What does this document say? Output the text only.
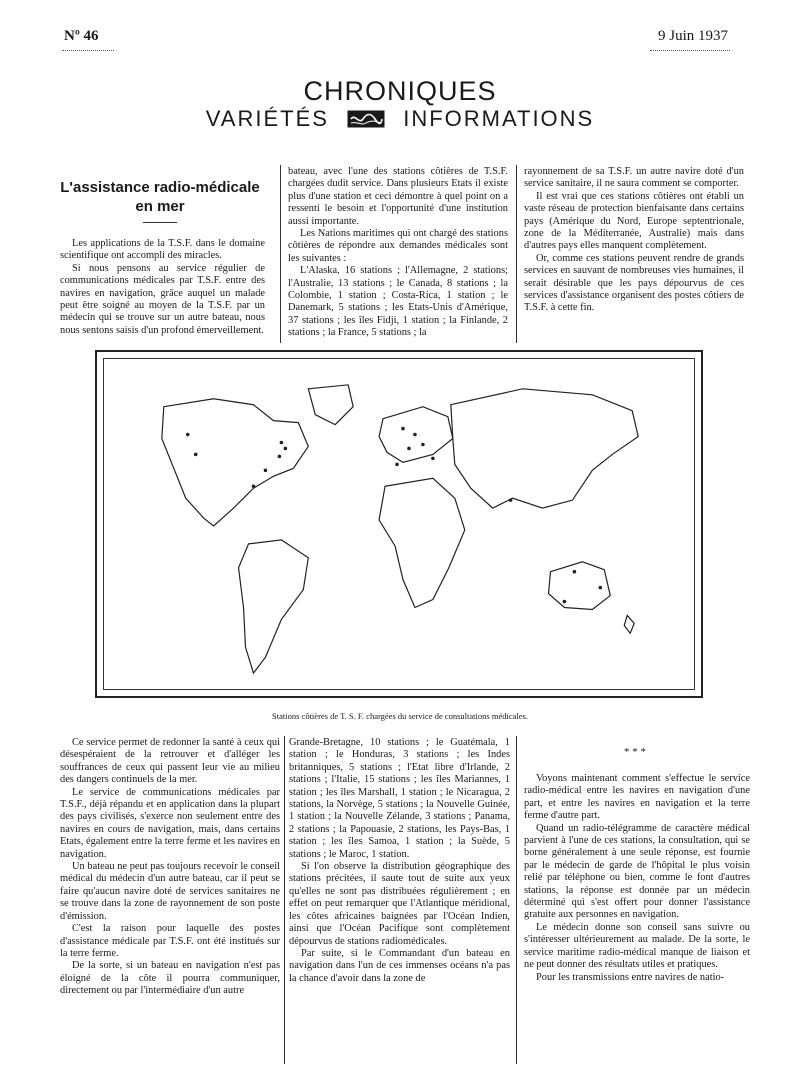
Nº 46	9 Juin 1937
CHRONIQUES
VARIÉTÉS	INFORMATIONS
L'assistance radio-médicale en mer

Les applications de la T.S.F. dans le domaine scientifique ont accompli des miracles.

Si nous pensons au service régulier de communications médicales par T.S.F. entre des navires en navigation, grâce auquel un malade peut être soigné au moyen de la T.S.F. par un médecin qui se trouve sur un autre bateau, nous nous sentons saisis d'un profond émerveillement.

bateau, avec l'une des stations côtières de T.S.F. chargées dudit service. Dans plusieurs Etats il existe plus d'une station et ceci démontre à quel point on a ressenti le besoin et l'opportunité d'une institution aussi importante.

Les Nations maritimes qui ont chargé des stations côtières de répondre aux demandes médicales sont les suivantes :

L'Alaska, 16 stations ; l'Allemagne, 2 stations; l'Australie, 13 stations ; le Canada, 8 stations ; la Colombie, 1 station ; Costa-Rica, 1 station ; le Danemark, 5 stations ; les Etats-Unis d'Amérique, 37 stations ; les îles Fidji, 1 station ; la Finlande, 2 stations ; la France, 5 stations ; la

rayonnement de sa T.S.F. un autre navire doté d'un service sanitaire, il ne saura comment se comporter.

Il est vrai que ces stations côtières ont établi un vaste réseau de protection bienfaisante dans certains pays (Amérique du Nord, Europe septentrionale, zone de la Méditerranée, Australie) mais dans d'autres pays elles manquent complètement.

Or, comme ces stations peuvent rendre de grands services en sauvant de nombreuses vies humaines, il serait désirable que les pays dépourvus de ces services d'assistance organisent des postes côtiers de T.S.F. à cette fin.

Stations côtières de T. S. F. chargées du service de consultations médicales.

Ce service permet de redonner la santé à ceux qui désespéraient de la retrouver et d'alléger les souffrances de ceux qui passent leur vie au milieu des dangers continuels de la mer.

Le service de communications médicales par T.S.F., déjà répandu et en application dans la plupart des pays civilisés, s'exerce non seulement entre des navires en cours de navigation, mais, dans certains Etats, également entre la terre ferme et les navires en navigation.

Un bateau ne peut pas toujours recevoir le conseil médical du médecin d'un autre bateau, car il peut se faire qu'aucun navire doté de services sanitaires ne se trouve dans la zone de rayonnement de son poste d'émission.

C'est la raison pour laquelle des postes d'assistance médicale par T.S.F. ont été institués sur la terre ferme.

De la sorte, si un bateau en navigation n'est pas éloigné de la côte il pourra communiquer, directement ou par l'intermédiaire d'un autre

Grande-Bretagne, 10 stations ; le Guatémala, 1 station ; le Honduras, 3 stations ; les Indes britanniques, 5 stations ; l'Etat libre d'Irlande, 2 stations ; l'Italie, 15 stations ; les îles Mariannes, 1 station ; les îles Marshall, 1 station ; le Nicaragua, 2 stations, la Norvège, 5 stations ; la Nouvelle Guinée, 1 station ; la Nouvelle Zélande, 3 stations ; Panama, 2 stations ; la Papouasie, 2 stations, les Pays-Bas, 1 station ; les îles Samoa, 1 station ; la Suède, 5 stations ; le Maroc, 1 station.

Si l'on observe la distribution géographique des stations précitées, il saute tout de suite aux yeux qu'elles ne sont pas distribuées régulièrement ; en effet on peut remarquer que l'Atlantique méridional, les côtes africaines baignées par l'Océan Indien, ainsi que l'Océan Pacifique sont complètement dépourvus de stations radiomédicales.

Par suite, si le Commandant d'un bateau en navigation dans l'un de ces immenses océans n'a pas la chance d'avoir dans la zone de

* * *

Voyons maintenant comment s'effectue le service radio-médical entre les navires en navigation d'une part, et entre les navires en navigation et la terre ferme d'autre part.

Quand un radio-télégramme de caractère médical parvient à l'une de ces stations, la consultation, qui se borne généralement à une seule réponse, est fournie par le médecin de garde de l'hôpital le plus voisin relié par téléphone ou bien, comme le font d'autres stations, la réponse est donnée par un médecin déterminé qui s'est offert pour donner l'assistance gratuite aux personnes en navigation.

Le médecin donne son conseil sans suivre ou s'intéresser ultérieurement au malade. De la sorte, le service maritime radio-médical manque de liaison et ne peut donner des résultats utiles et pratiques.

Pour les transmissions entre navires de natio-
